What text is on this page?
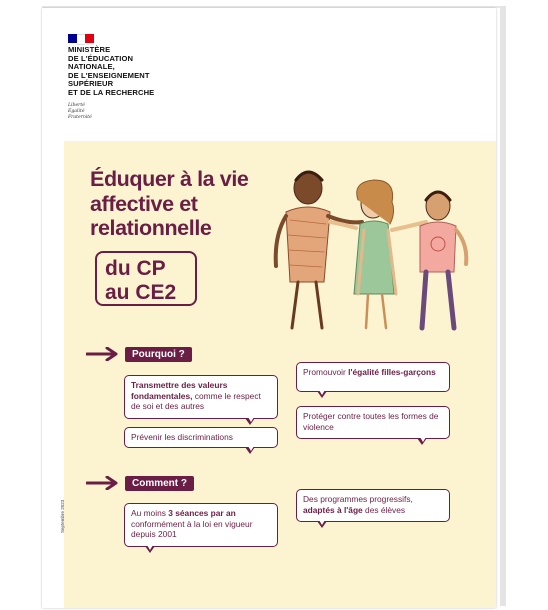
MINISTÈRE
DE L'ÉDUCATION
NATIONALE,
DE L'ENSEIGNEMENT
SUPÉRIEUR
ET DE LA RECHERCHE
Liberté
Égalité
Fraternité
Éduquer à la vie
affective et
relationnelle
du CP
au CE2
Pourquoi ?
Transmettre des valeurs fondamentales, comme le respect de soi et des autres
Prévenir les discriminations
Promouvoir l'égalité filles-garçons
Protéger contre toutes les formes de violence
Comment ?
Au moins 3 séances par an conformément à la loi en vigueur depuis 2001
Des programmes progressifs, adaptés à l'âge des élèves
Septembre 2023
